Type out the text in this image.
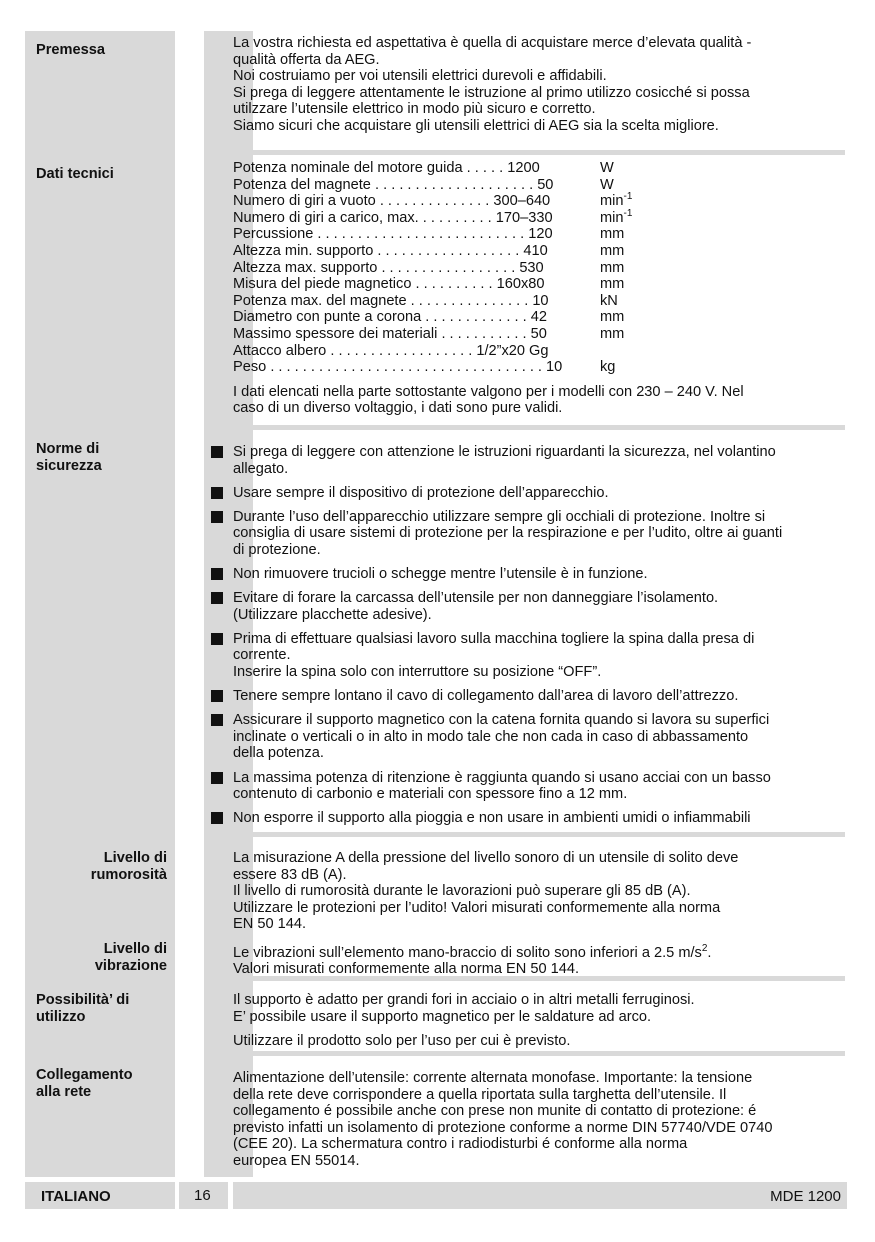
Premessa	La vostra richiesta ed aspettativa è quella di acquistare merce d’elevata qualità -
qualità offerta da AEG.
Noi costruiamo per voi utensili elettrici durevoli e affidabili.
Si prega di leggere attentamente le istruzione al primo utilizzo cosicché si possa
utilzzare l’utensile elettrico in modo più sicuro e corretto.
Siamo sicuri che acquistare gli utensili elettrici di AEG sia la scelta migliore.
Dati tecnici	Potenza nominale del motore guida . . . . . 1200	W
Potenza del magnete . . . . . . . . . . . . . . . . . . . . 50	W
Numero di giri a vuoto . . . . . . . . . . . . . . 300–640	$\min^{-1}$
Numero di giri a carico, max. . . . . . . . . . 170–330	$\min^{-1}$
Percussione . . . . . . . . . . . . . . . . . . . . . . . . . . 120	mm
Altezza min. supporto . . . . . . . . . . . . . . . . . . 410	mm
Altezza max. supporto . . . . . . . . . . . . . . . . . 530	mm
Misura del piede magnetico . . . . . . . . . . 160x80	mm
Potenza max. del magnete . . . . . . . . . . . . . . . 10	kN
Diametro con punte a corona . . . . . . . . . . . . . 42	mm
Massimo spessore dei materiali . . . . . . . . . . . 50	mm
Attacco albero . . . . . . . . . . . . . . . . . . 1/2”x20 Gg
Peso . . . . . . . . . . . . . . . . . . . . . . . . . . . . . . . . . . 10	kg
I dati elencati nella parte sottostante valgono per i modelli con 230 – 240 V. Nel
caso di un diverso voltaggio, i dati sono pure validi.
Norme di
sicurezza
Si prega di leggere con attenzione le istruzioni riguardanti la sicurezza, nel volantino
allegato.
Usare sempre il dispositivo di protezione dell’apparecchio.
Durante l’uso dell’apparecchio utilizzare sempre gli occhiali di protezione. Inoltre si
consiglia di usare sistemi di protezione per la respirazione e per l’udito, oltre ai guanti
di protezione.
Non rimuovere trucioli o schegge mentre l’utensile è in funzione.
Evitare di forare la carcassa dell’utensile per non danneggiare l’isolamento.
(Utilizzare placchette adesive).
Prima di effettuare qualsiasi lavoro sulla macchina togliere la spina dalla presa di
corrente.
Inserire la spina solo con interruttore su posizione “OFF”.
Tenere sempre lontano il cavo di collegamento dall’area di lavoro dell’attrezzo.
Assicurare il supporto magnetico con la catena fornita quando si lavora su superfici
inclinate o verticali o in alto in modo tale che non cada in caso di abbassamento
della potenza.
La massima potenza di ritenzione è raggiunta quando si usano acciai con un basso
contenuto di carbonio e materiali con spessore fino a 12 mm.
Non esporre il supporto alla pioggia e non usare in ambienti umidi o infiammabili
Livello di
rumorosità
Livello di
vibrazione
La misurazione A della pressione del livello sonoro di un utensile di solito deve
essere 83 dB (A).
Il livello di rumorosità durante le lavorazioni può superare gli 85 dB (A).
Utilizzare le protezioni per l’udito! Valori misurati conformemente alla norma
EN 50 144.
Le vibrazioni sull’elemento mano-braccio di solito sono inferiori a 2.5 $m/s^2$.
Valori misurati conformemente alla norma EN 50 144.
Possibilità’ di
utilizzo
Il supporto è adatto per grandi fori in acciaio o in altri metalli ferruginosi.
E’ possibile usare il supporto magnetico per le saldature ad arco.
Utilizzare il prodotto solo per l’uso per cui è previsto.
Collegamento
alla rete
Alimentazione dell’utensile: corrente alternata monofase. Importante: la tensione
della rete deve corrispondere a quella riportata sulla targhetta dell’utensile. Il
collegamento é possibile anche con prese non munite di contatto di protezione: é
previsto infatti un isolamento di protezione conforme a norme DIN 57740/VDE 0740
(CEE 20). La schermatura contro i radiodisturbi é conforme alla norma
europea EN 55014.
ITALIANO	16	MDE 1200
